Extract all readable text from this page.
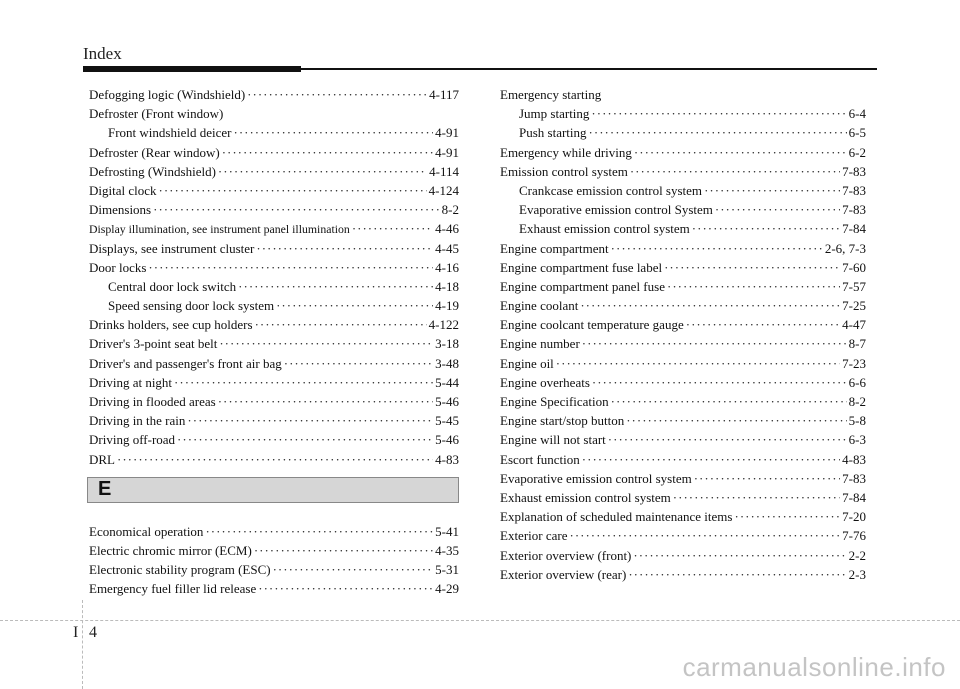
Index
Defogging logic (Windshield) ·····	4-117
Defroster (Front window)
Front windshield deicer ·····	4-91
Defroster (Rear window) ·····	4-91
Defrosting (Windshield) ·····	4-114
Digital clock ·····	4-124
Dimensions ·····	8-2
Display illumination, see instrument panel illumination ·····	4-46
Displays, see instrument cluster ·····	4-45
Door locks ·····	4-16
Central door lock switch ·····	4-18
Speed sensing door lock system ·····	4-19
Drinks holders, see cup holders ·····	4-122
Driver's 3-point seat belt ·····	3-18
Driver's and passenger's front air bag ·····	3-48
Driving at night ·····	5-44
Driving in flooded areas ·····	5-46
Driving in the rain ·····	5-45
Driving off-road ·····	5-46
DRL ·····	4-83
E
Economical operation ·····	5-41
Electric chromic mirror (ECM) ·····	4-35
Electronic stability program (ESC) ·····	5-31
Emergency fuel filler lid release ·····	4-29
Emergency starting
Jump starting ·····	6-4
Push starting ·····	6-5
Emergency while driving ·····	6-2
Emission control system ·····	7-83
Crankcase emission control system ·····	7-83
Evaporative emission control System ·····	7-83
Exhaust emission control system ·····	7-84
Engine compartment ·····	2-6, 7-3
Engine compartment fuse label ·····	7-60
Engine compartment panel fuse ·····	7-57
Engine coolant ·····	7-25
Engine coolcant temperature gauge ·····	4-47
Engine number ·····	8-7
Engine oil ·····	7-23
Engine overheats ·····	6-6
Engine Specification ·····	8-2
Engine start/stop button ·····	5-8
Engine will not start ·····	6-3
Escort function ·····	4-83
Evaporative emission control system ·····	7-83
Exhaust emission control system ·····	7-84
Explanation of scheduled maintenance items ·····	7-20
Exterior care ·····	7-76
Exterior overview (front) ·····	2-2
Exterior overview (rear) ·····	2-3
I 4
carmanualsonline.info
